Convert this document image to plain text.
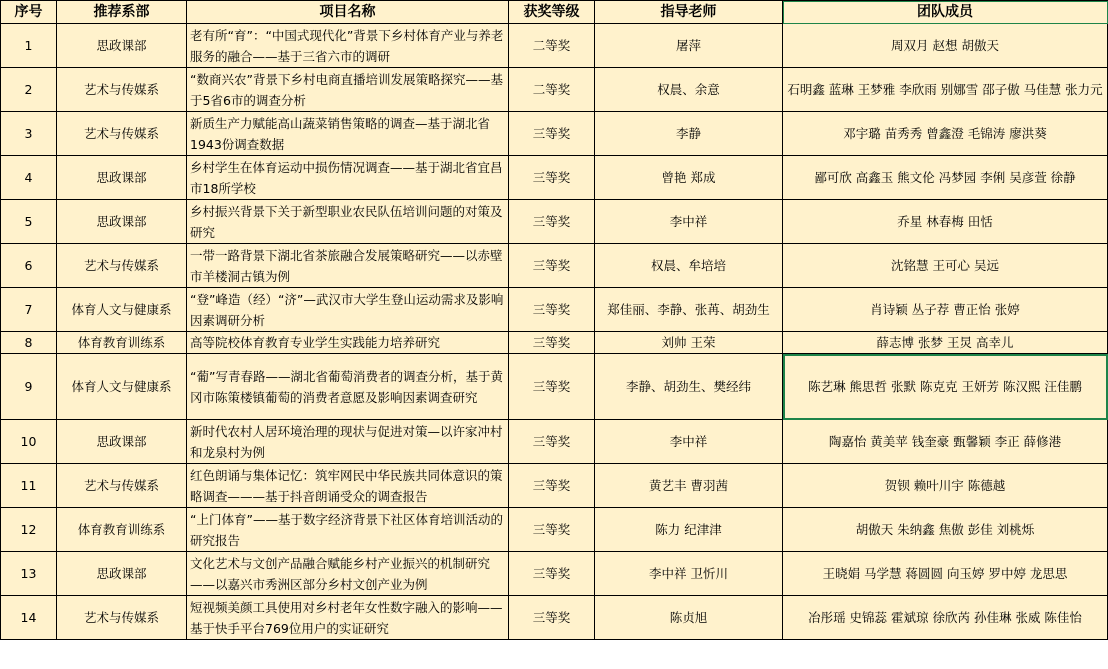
序号	推荐系部	项目名称	获奖等级	指导老师	团队成员
1	思政课部	老有所“育”：“中国式现代化”背景下乡村体育产业与养老服务的融合——基于三省六市的调研	二等奖	屠萍	周双月 赵想 胡傲天
2	艺术与传媒系	“数商兴农”背景下乡村电商直播培训发展策略探究——基于5省6市的调查分析	二等奖	权晨、余意	石明鑫 蓝琳 王梦雅 李欣雨 别娜雪 邵子傲 马佳慧 张力元
3	艺术与传媒系	新质生产力赋能高山蔬菜销售策略的调查—基于湖北省1943份调查数据	三等奖	李静	邓宇璐 苗秀秀 曾鑫澄 毛锦涛 廖洪葵
4	思政课部	乡村学生在体育运动中损伤情况调查——基于湖北省宜昌市18所学校	三等奖	曾艳 郑成	鄙可欣 高鑫玉 熊文伦 冯梦园 李俐 吴彦萱 徐静
5	思政课部	乡村振兴背景下关于新型职业农民队伍培训问题的对策及研究	三等奖	李中祥	乔星 林春梅 田恬
6	艺术与传媒系	一带一路背景下湖北省茶旅融合发展策略研究——以赤壁市羊楼洞古镇为例	三等奖	权晨、牟培培	沈铭慧 王可心 吴远
7	体育人文与健康系	“登”峰造（经）“济”—武汉市大学生登山运动需求及影响因素调研分析	三等奖	郑佳丽、李静、张苒、胡劲生	肖诗颖 丛子荐 曹正怡 张婷
8	体育教育训练系	高等院校体育教育专业学生实践能力培养研究	三等奖	刘帅 王荣	薛志博 张梦 王炅 高幸儿
9	体育人文与健康系	“葡”写青春路——湖北省葡萄消费者的调查分析，基于黄冈市陈策楼镇葡萄的消费者意愿及影响因素调查研究	三等奖	李静、胡劲生、樊经纬	陈艺琳 熊思哲 张默 陈克克 王妍芳 陈汉熙 汪佳鹏
10	思政课部	新时代农村人居环境治理的现状与促进对策—以许家冲村和龙泉村为例	三等奖	李中祥	陶嘉怡 黄美苹 钱奎豪 甄馨颖 李正 薛修港
11	艺术与传媒系	红色朗诵与集体记忆：筑牢网民中华民族共同体意识的策略调查———基于抖音朗诵受众的调查报告	三等奖	黄艺丰 曹羽茜	贺钡 赖叶川宇 陈德越
12	体育教育训练系	“上门体育”——基于数字经济背景下社区体育培训活动的研究报告	三等奖	陈力 纪津津	胡傲天 朱纳鑫 焦傲 彭佳 刘桃烁
13	思政课部	文化艺术与文创产品融合赋能乡村产业振兴的机制研究——以嘉兴市秀洲区部分乡村文创产业为例	三等奖	李中祥 卫忻川	王晓娟 马学慧 蒋圆圆 向玉婷 罗中婷 龙思思
14	艺术与传媒系	短视频美颜工具使用对乡村老年女性数字融入的影响——基于快手平台769位用户的实证研究	三等奖	陈贞旭	冶彤瑶 史锦蕊 霍斌琼 徐欣芮 孙佳琳 张威 陈佳怡
